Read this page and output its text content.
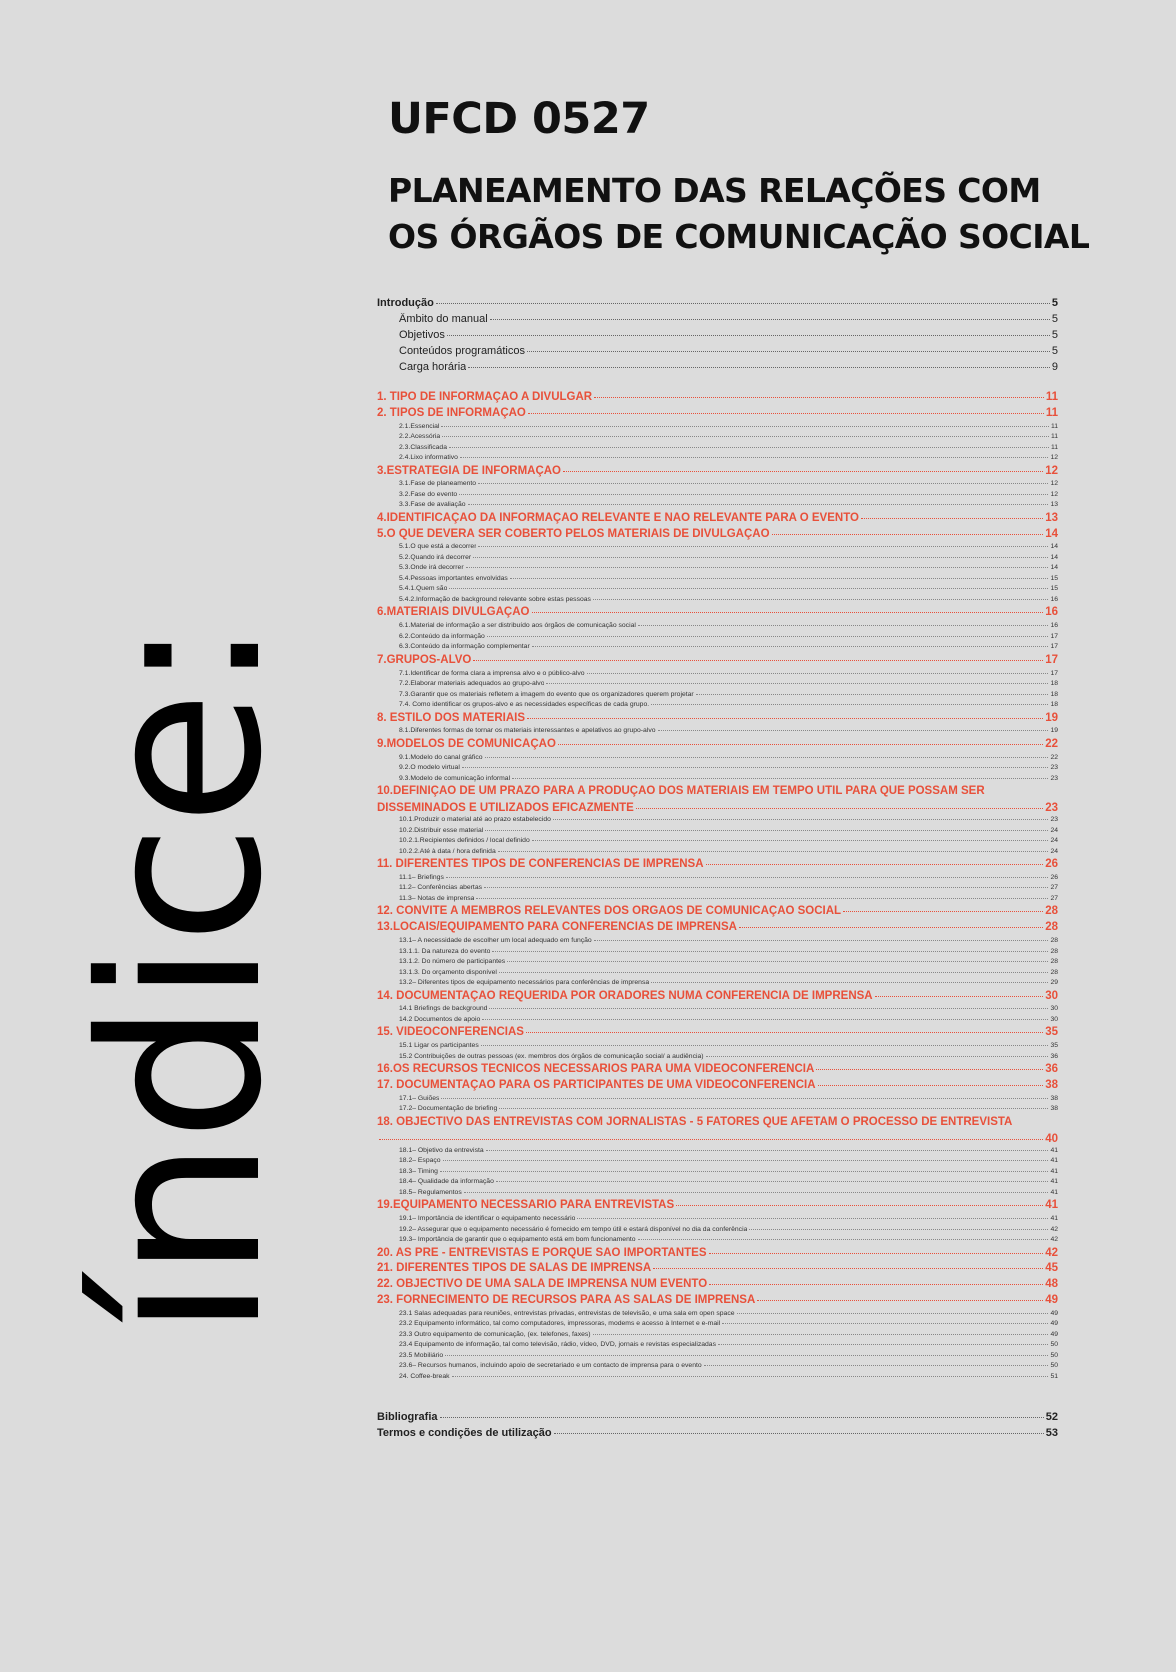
índice:
UFCD 0527
PLANEAMENTO DAS RELAÇÕES COM
OS ÓRGÃOS DE COMUNICAÇÃO SOCIAL
Introdução	5
Âmbito do manual	5
Objetivos	5
Conteúdos programáticos	5
Carga horária	9
1. TIPO DE INFORMAÇÃO A DIVULGAR	11
2. TIPOS DE INFORMAÇÃO	11
2.1.Essencial	11
2.2.Acessória	11
2.3.Classificada	11
2.4.Lixo informativo	12
3.ESTRATÉGIA DE INFORMAÇÃO	12
3.1.Fase de planeamento	12
3.2.Fase do evento	12
3.3.Fase de avaliação	13
4.IDENTIFICAÇÃO DA INFORMAÇÃO RELEVANTE E NÃO RELEVANTE PARA O EVENTO	13
5.O QUE DEVERÁ SER COBERTO PELOS MATERIAIS DE DIVULGAÇÃO	14
5.1.O que está a decorrer	14
5.2.Quando irá decorrer	14
5.3.Onde irá decorrer	14
5.4.Pessoas importantes envolvidas	15
5.4.1.Quem são	15
5.4.2.Informação de background relevante sobre estas pessoas	16
6.MATERIAIS DIVULGAÇÃO	16
6.1.Material de informação a ser distribuído aos órgãos de comunicação social	16
6.2.Conteúdo da informação	17
6.3.Conteúdo da informação complementar	17
7.GRUPOS-ALVO	17
7.1.Identificar de forma clara a imprensa alvo e o público-alvo	17
7.2.Elaborar materiais adequados ao grupo-alvo	18
7.3.Garantir que os materiais refletem a imagem do evento que os organizadores querem projetar	18
7.4. Como identificar os grupos-alvo e as necessidades específicas de cada grupo.	18
8. ESTILO DOS MATERIAIS	19
8.1.Diferentes formas de tornar os materiais interessantes e apelativos ao grupo-alvo	19
9.MODELOS DE COMUNICAÇÃO	22
9.1.Modelo do canal gráfico	22
9.2.O modelo virtual	23
9.3.Modelo de comunicação informal	23
10.DEFINIÇÃO DE UM PRAZO PARA A PRODUÇÃO DOS MATERIAIS EM TEMPO ÚTIL PARA QUE POSSAM SER
DISSEMINADOS E UTILIZADOS EFICAZMENTE	23
10.1.Produzir o material até ao prazo estabelecido	23
10.2.Distribuir esse material	24
10.2.1.Recipientes definidos / local definido	24
10.2.2.Até à data / hora definida	24
11. DIFERENTES TIPOS DE CONFERÊNCIAS DE IMPRENSA	26
11.1– Briefings	26
11.2– Conferências abertas	27
11.3– Notas de imprensa	27
12. CONVITE A MEMBROS RELEVANTES DOS ÓRGÃOS DE COMUNICAÇÃO SOCIAL	28
13.LOCAIS/EQUIPAMENTO PARA CONFERÊNCIAS DE IMPRENSA	28
13.1– A necessidade de escolher um local adequado em função	28
13.1.1. Da natureza do evento	28
13.1.2. Do número de participantes	28
13.1.3. Do orçamento disponível	28
13.2– Diferentes tipos de equipamento necessários para conferências de imprensa	29
14. DOCUMENTAÇÃO REQUERIDA POR ORADORES NUMA CONFERÊNCIA DE IMPRENSA	30
14.1 Briefings de background	30
14.2 Documentos de apoio	30
15. VIDEOCONFERÊNCIAS	35
15.1 Ligar os participantes	35
15.2 Contribuições de outras pessoas (ex. membros dos órgãos de comunicação social/ a audiência)	36
16.OS RECURSOS TÉCNICOS NECESSÁRIOS PARA UMA VIDEOCONFERÊNCIA	36
17. DOCUMENTAÇÃO PARA OS PARTICIPANTES DE UMA VIDEOCONFERÊNCIA	38
17.1– Guiões	38
17.2– Documentação de briefing	38
18. OBJECTIVO DAS ENTREVISTAS COM JORNALISTAS - 5 FATORES QUE AFETAM O PROCESSO DE ENTREVISTA
40
18.1– Objetivo da entrevista	41
18.2– Espaço	41
18.3– Timing	41
18.4– Qualidade da informação	41
18.5– Regulamentos	41
19.EQUIPAMENTO NECESSÁRIO PARA ENTREVISTAS	41
19.1– Importância de identificar o equipamento necessário	41
19.2– Assegurar que o equipamento necessário é fornecido em tempo útil e estará disponível no dia da conferência	42
19.3– Importância de garantir que o equipamento está em bom funcionamento	42
20. AS PRÉ - ENTREVISTAS E PORQUE SÃO IMPORTANTES	42
21. DIFERENTES TIPOS DE SALAS DE IMPRENSA	45
22. OBJECTIVO DE UMA SALA DE IMPRENSA NUM EVENTO	48
23. FORNECIMENTO DE RECURSOS PARA AS SALAS DE IMPRENSA	49
23.1 Salas adequadas para reuniões, entrevistas privadas, entrevistas de televisão, e uma sala em open space	49
23.2 Equipamento informático, tal como computadores, impressoras, modems e acesso à Internet e e-mail	49
23.3 Outro equipamento de comunicação, (ex. telefones, faxes)	49
23.4 Equipamento de informação, tal como televisão, rádio, vídeo, DVD, jornais e revistas especializadas	50
23.5 Mobiliário	50
23.6– Recursos humanos, incluindo apoio de secretariado e um contacto de imprensa para o evento	50
24. Coffee-break	51
Bibliografia	52
Termos e condições de utilização	53
